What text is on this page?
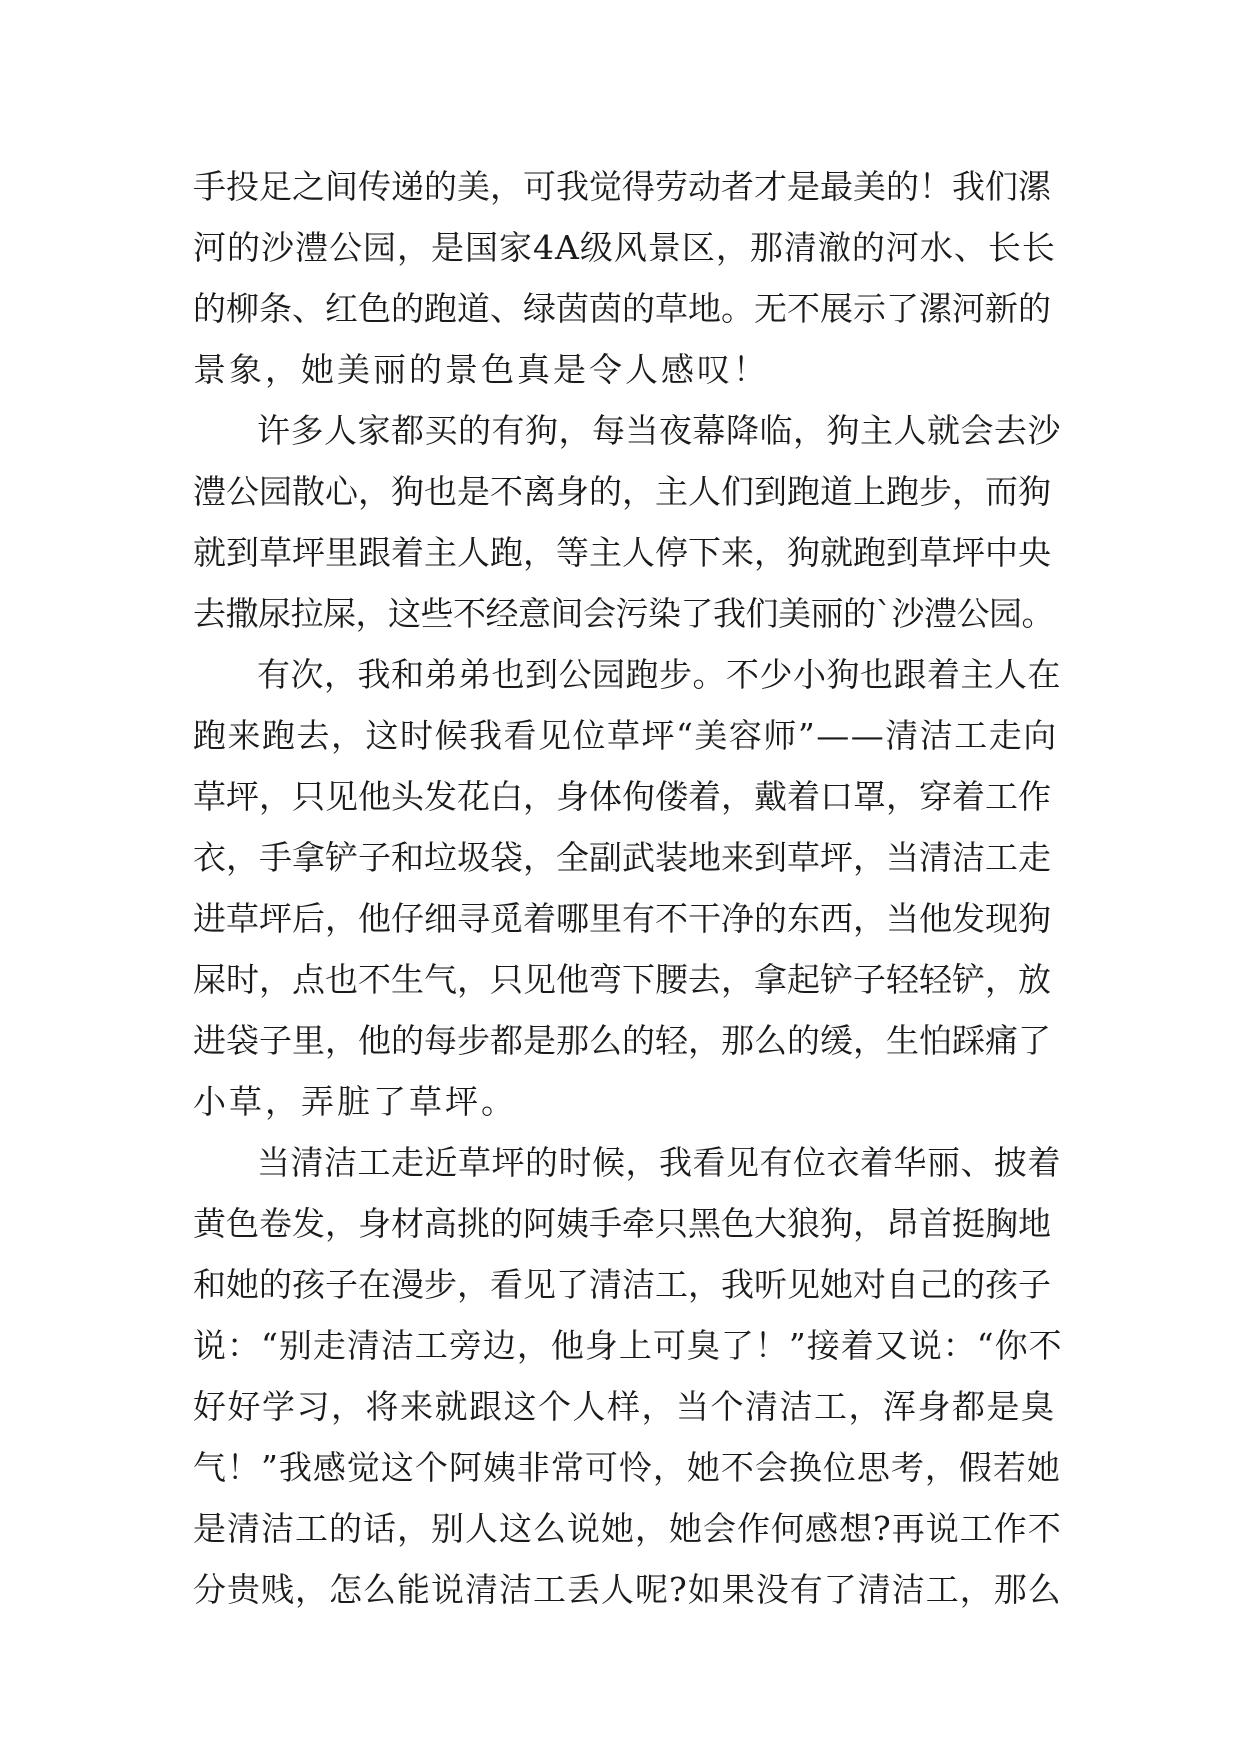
手投足之间传递的美，可我觉得劳动者才是最美的！我们漯
河的沙澧公园，是国家4A级风景区，那清澈的河水、长长
的柳条、红色的跑道、绿茵茵的草地。无不展示了漯河新的
景象，她美丽的景色真是令人感叹！
许多人家都买的有狗，每当夜幕降临，狗主人就会去沙
澧公园散心，狗也是不离身的，主人们到跑道上跑步，而狗
就到草坪里跟着主人跑，等主人停下来，狗就跑到草坪中央
去撒尿拉屎，这些不经意间会污染了我们美丽的`沙澧公园。
有次，我和弟弟也到公园跑步。不少小狗也跟着主人在
跑来跑去，这时候我看见位草坪“美容师”——清洁工走向
草坪，只见他头发花白，身体佝偻着，戴着口罩，穿着工作
衣，手拿铲子和垃圾袋，全副武装地来到草坪，当清洁工走
进草坪后，他仔细寻觅着哪里有不干净的东西，当他发现狗
屎时，点也不生气，只见他弯下腰去，拿起铲子轻轻铲，放
进袋子里，他的每步都是那么的轻，那么的缓，生怕踩痛了
小草，弄脏了草坪。
当清洁工走近草坪的时候，我看见有位衣着华丽、披着
黄色卷发，身材高挑的阿姨手牵只黑色大狼狗，昂首挺胸地
和她的孩子在漫步，看见了清洁工，我听见她对自己的孩子
说：“别走清洁工旁边，他身上可臭了！”接着又说：“你不
好好学习，将来就跟这个人样，当个清洁工，浑身都是臭
气！”我感觉这个阿姨非常可怜，她不会换位思考，假若她
是清洁工的话，别人这么说她，她会作何感想?再说工作不
分贵贱，怎么能说清洁工丢人呢?如果没有了清洁工，那么
